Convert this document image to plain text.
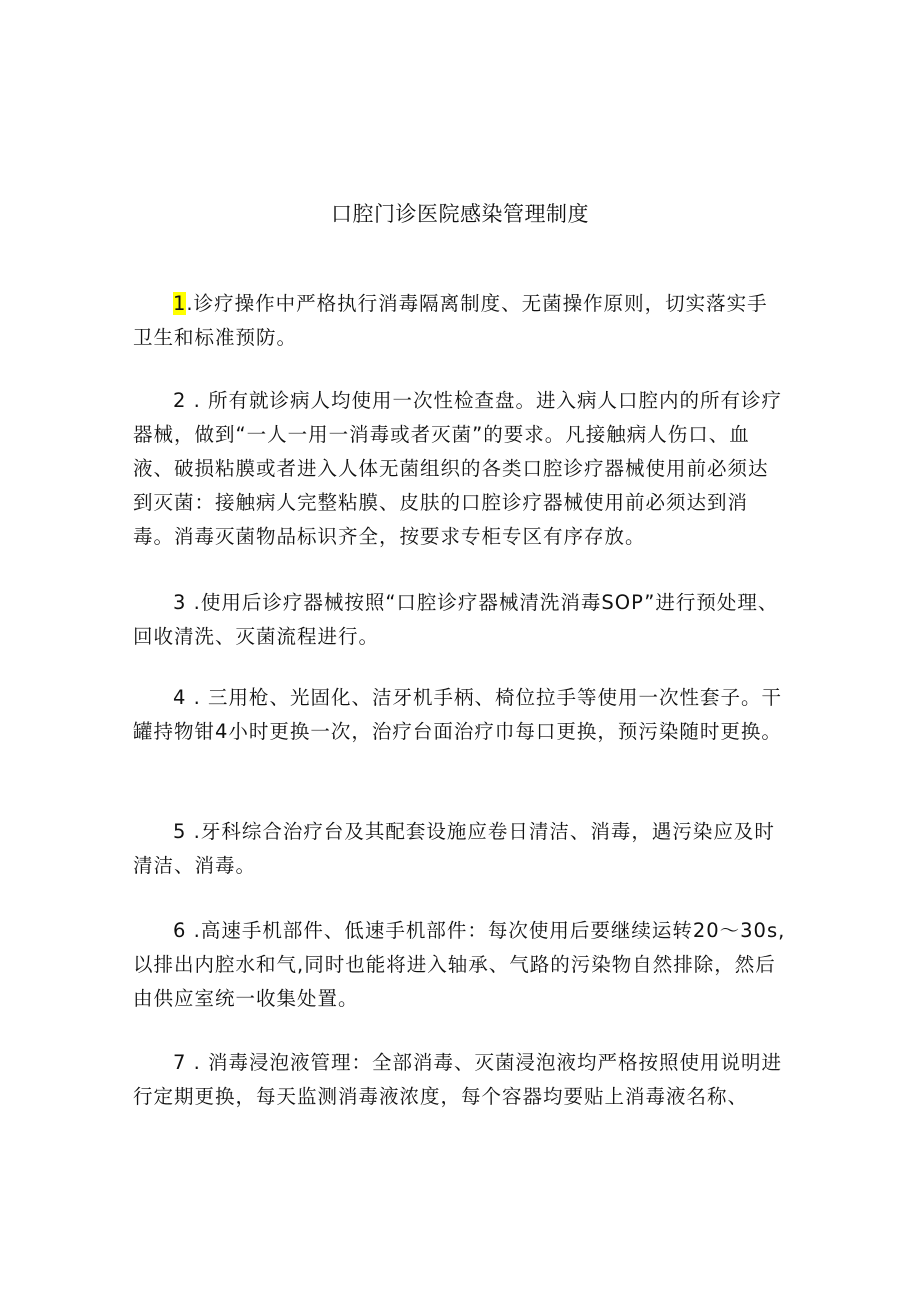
口腔门诊医院感染管理制度

1.诊疗操作中严格执行消毒隔离制度、无菌操作原则，切实落实手卫生和标准预防。

2 . 所有就诊病人均使用一次性检查盘。进入病人口腔内的所有诊疗器械，做到“一人一用一消毒或者灭菌”的要求。凡接触病人伤口、血液、破损粘膜或者进入人体无菌组织的各类口腔诊疗器械使用前必须达到灭菌：接触病人完整粘膜、皮肤的口腔诊疗器械使用前必须达到消毒。消毒灭菌物品标识齐全，按要求专柜专区有序存放。

3 .使用后诊疗器械按照“口腔诊疗器械清洗消毒SOP”进行预处理、回收清洗、灭菌流程进行。

4 . 三用枪、光固化、洁牙机手柄、椅位拉手等使用一次性套子。干罐持物钳4小时更换一次，治疗台面治疗巾每口更换，预污染随时更换。

5 .牙科综合治疗台及其配套设施应卷日清洁、消毒，遇污染应及时清洁、消毒。

6 .高速手机部件、低速手机部件：每次使用后要继续运转20〜30s,以排出内腔水和气,同时也能将进入轴承、气路的污染物自然排除，然后由供应室统一收集处置。

7 . 消毒浸泡液管理：全部消毒、灭菌浸泡液均严格按照使用说明进行定期更换，每天监测消毒液浓度，每个容器均要贴上消毒液名称、
